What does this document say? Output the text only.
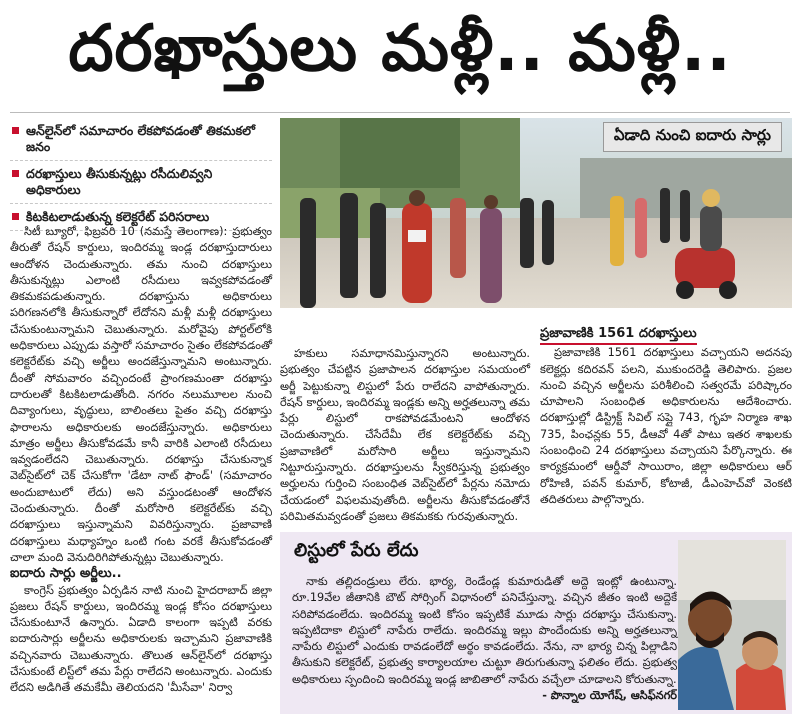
దరఖాస్తులు మళ్లీ.. మళ్లీ..
ఆన్‌లైన్‌లో సమాచారం లేకపోవడంతో తికమకలో జనం
దరఖాస్తులు తీసుకున్నట్లు రసీదులివ్వని అధికారులు
కిటకిటలాడుతున్న కలెక్టరేట్ పరిసరాలు

సిటీ బ్యూరో, ఫిబ్రవరి 10 (నమస్తే తెలంగాణ): ప్రభుత్వం తీరుతో రేషన్ కార్డులు, ఇందిరమ్మ ఇండ్ల దరఖాస్తుదారులు ఆందోళన చెందుతున్నారు. తమ నుంచి దరఖాస్తులు తీసుకున్నట్లు ఎలాంటి రసీదులు ఇవ్వకపోవడంతో తికమకపడుతున్నారు. దరఖాస్తును అధికారులు పరిగణనలోకి తీసుకున్నారో లేదోనని మళ్లీ మళ్లీ దరఖాస్తులు చేసుకుంటున్నామని చెబుతున్నారు. మరోవైపు పోర్టల్‌లోకి అధికారులు ఎప్పుడు వస్తారో సమాచారం సైతం లేకపోవడంతో కలెక్టరేట్‌కు వచ్చి అర్జీలు అందజేస్తున్నామని అంటున్నారు. దీంతో సోమవారం వచ్చిందంటే ప్రాంగణమంతా దరఖాస్తు దారులతో కిటకిటలాడుతోంది. నగరం నలుమూలల నుంచి దివ్యాంగులు, వృద్ధులు, బాలింతలు పైతం వచ్చి దరఖాస్తు ఫారాలను అధికారులకు అందజేస్తున్నారు. అధికారులు మాత్రం అర్జీలు తీసుకోవడమే కానీ వారికి ఎలాంటి రసీదులు ఇవ్వడంలేదని చెబుతున్నారు. దరఖాస్తు చేసుకున్నాక వెబ్‌సైట్‌లో చెక్ చేసుకోగా 'డేటా నాట్ ఫౌండ్' (సమాచారం అందుబాటులో లేదు) అని వస్తుండటంతో ఆందోళన చెందుతున్నారు. దీంతో మరోసారి కలెక్టరేట్‌కు వచ్చి దరఖాస్తులు ఇస్తున్నామని వివరిస్తున్నారు. ప్రజావాణి దరఖాస్తులు మధ్యాహ్నం ఒంటి గంట వరకే తీసుకోవడంతో చాలా మంది వెనుదిరిగిపోతున్నట్లు చెబుతున్నారు.

ఐదారు సార్లు అర్జీలు..

కాంగ్రెస్ ప్రభుత్వం ఏర్పడిన నాటి నుంచి హైదరాబాద్ జిల్లా ప్రజలు రేషన్ కార్డులు, ఇందిరమ్మ ఇండ్ల కోసం దరఖాస్తులు చేసుకుంటూనే ఉన్నారు. ఏడాది కాలంగా ఇప్పటి వరకు ఐదారుసార్లు అర్జీలను అధికారులకు ఇచ్చామని ప్రజావాణికి వచ్చినవారు చెబుతున్నారు. తొలుత ఆన్‌లైన్‌లో దరఖాస్తు చేసుకుంటే లిస్ట్‌లో తమ పేర్లు రాలేదని అంటున్నారు. ఎందుకు లేదని అడిగితే తమకేమీ తెలియదని 'మీసేవా' నిర్వా

ఏడాది నుంచి ఐదారు సార్లు

హకులు సమాధానమిస్తున్నారని అంటున్నారు. ప్రభుత్వం చేపట్టిన ప్రజాపాలన దరఖాస్తుల సమయంలో అర్జీ పెట్టుకున్నా లిస్టులో పేరు రాలేదని వాపోతున్నారు. రేషన్ కార్డులు, ఇందిరమ్మ ఇండ్లకు అన్ని అర్హతలున్నా తమ పేర్లు లిస్టులో రాకపోవడమేంటని ఆందోళన చెందుతున్నారు. చేసేదేమీ లేక కలెక్టరేట్‌కు వచ్చి ప్రజావాణిలో మరోసారి అర్జీలు ఇస్తున్నామని నిట్టూరుస్తున్నారు. దరఖాస్తులను స్వీకరిస్తున్న ప్రభుత్వం అర్హులను గుర్తించి సంబంధిత వెబ్‌సైట్‌లో పేర్లను నమోదు చేయడంలో విఫలమవుతోంది. అర్జీలను తీసుకోవడంతోనే పరిమితమవ్వడంతో ప్రజలు తికమకకు గురవుతున్నారు.

ప్రజావాణికి 1561 దరఖాస్తులు

ప్రజావాణికి 1561 దరఖాస్తులు వచ్చాయని అదనపు కలెక్టర్లు కదిరవన్ పలని, ముకుందరెడ్డి తెలిపారు. ప్రజల నుంచి వచ్చిన అర్జీలను పరిశీలించి సత్వరమే పరిష్కారం చూపాలని సంబంధిత అధికారులను ఆదేశించారు. దరఖాస్తుల్లో డిస్ట్రిక్ట్ సివిల్ సప్లై 743, గృహ నిర్మాణ శాఖ 735, పింఛన్లకు 55, డీఆవో 4తో పాటు ఇతర శాఖలకు సంబంధించి 24 దరఖాస్తులు వచ్చాయని పేర్కొన్నారు. ఈ కార్యక్రమంలో ఆర్డీవో సాయిరాం, జిల్లా అధికారులు ఆర్ రోహిణి, పవన్ కుమార్, కోటాజీ, డీఎంహెచ్‌వో వెంకటి తదితరులు పాల్గొన్నారు.

లిస్టులో పేరు లేదు

నాకు తల్లిదండ్రులు లేరు. భార్య, రెండేండ్ల కుమారుడితో అద్దె ఇంట్లో ఉంటున్నా. రూ.19వేల జీతానికి బౌట్ సోర్సింగ్ విధానంలో పనిచేస్తున్నా. వచ్చిన జీతం ఇంటి అద్దెకే సరిపోవడంలేదు. ఇందిరమ్మ ఇంటి కోసం ఇప్పటికే మూడు సార్లు దరఖాస్తు చేసుకున్నా. ఇప్పటిదాకా లిస్టులో నాపేరు రాలేదు. ఇందిరమ్మ ఇల్లు పొందేందుకు అన్ని అర్హతలున్నా నాపేరు లిస్టులో ఎందుకు రావడంలేదో అర్థం కావడంలేదు. నేను, నా భార్య చిన్న పిల్లాడిని తీసుకుని కలెక్టరేట్, ప్రభుత్వ కార్యాలయాల చుట్టూ తిరుగుతున్నా ఫలితం లేదు. ప్రభుత్వ అధికారులు స్పందించి ఇందిరమ్మ ఇండ్ల జాబితాలో నాపేరు వచ్చేలా చూడాలని కోరుతున్నా.

- పొన్నాల యోగేష్, ఆసిఫ్‌నగర్
